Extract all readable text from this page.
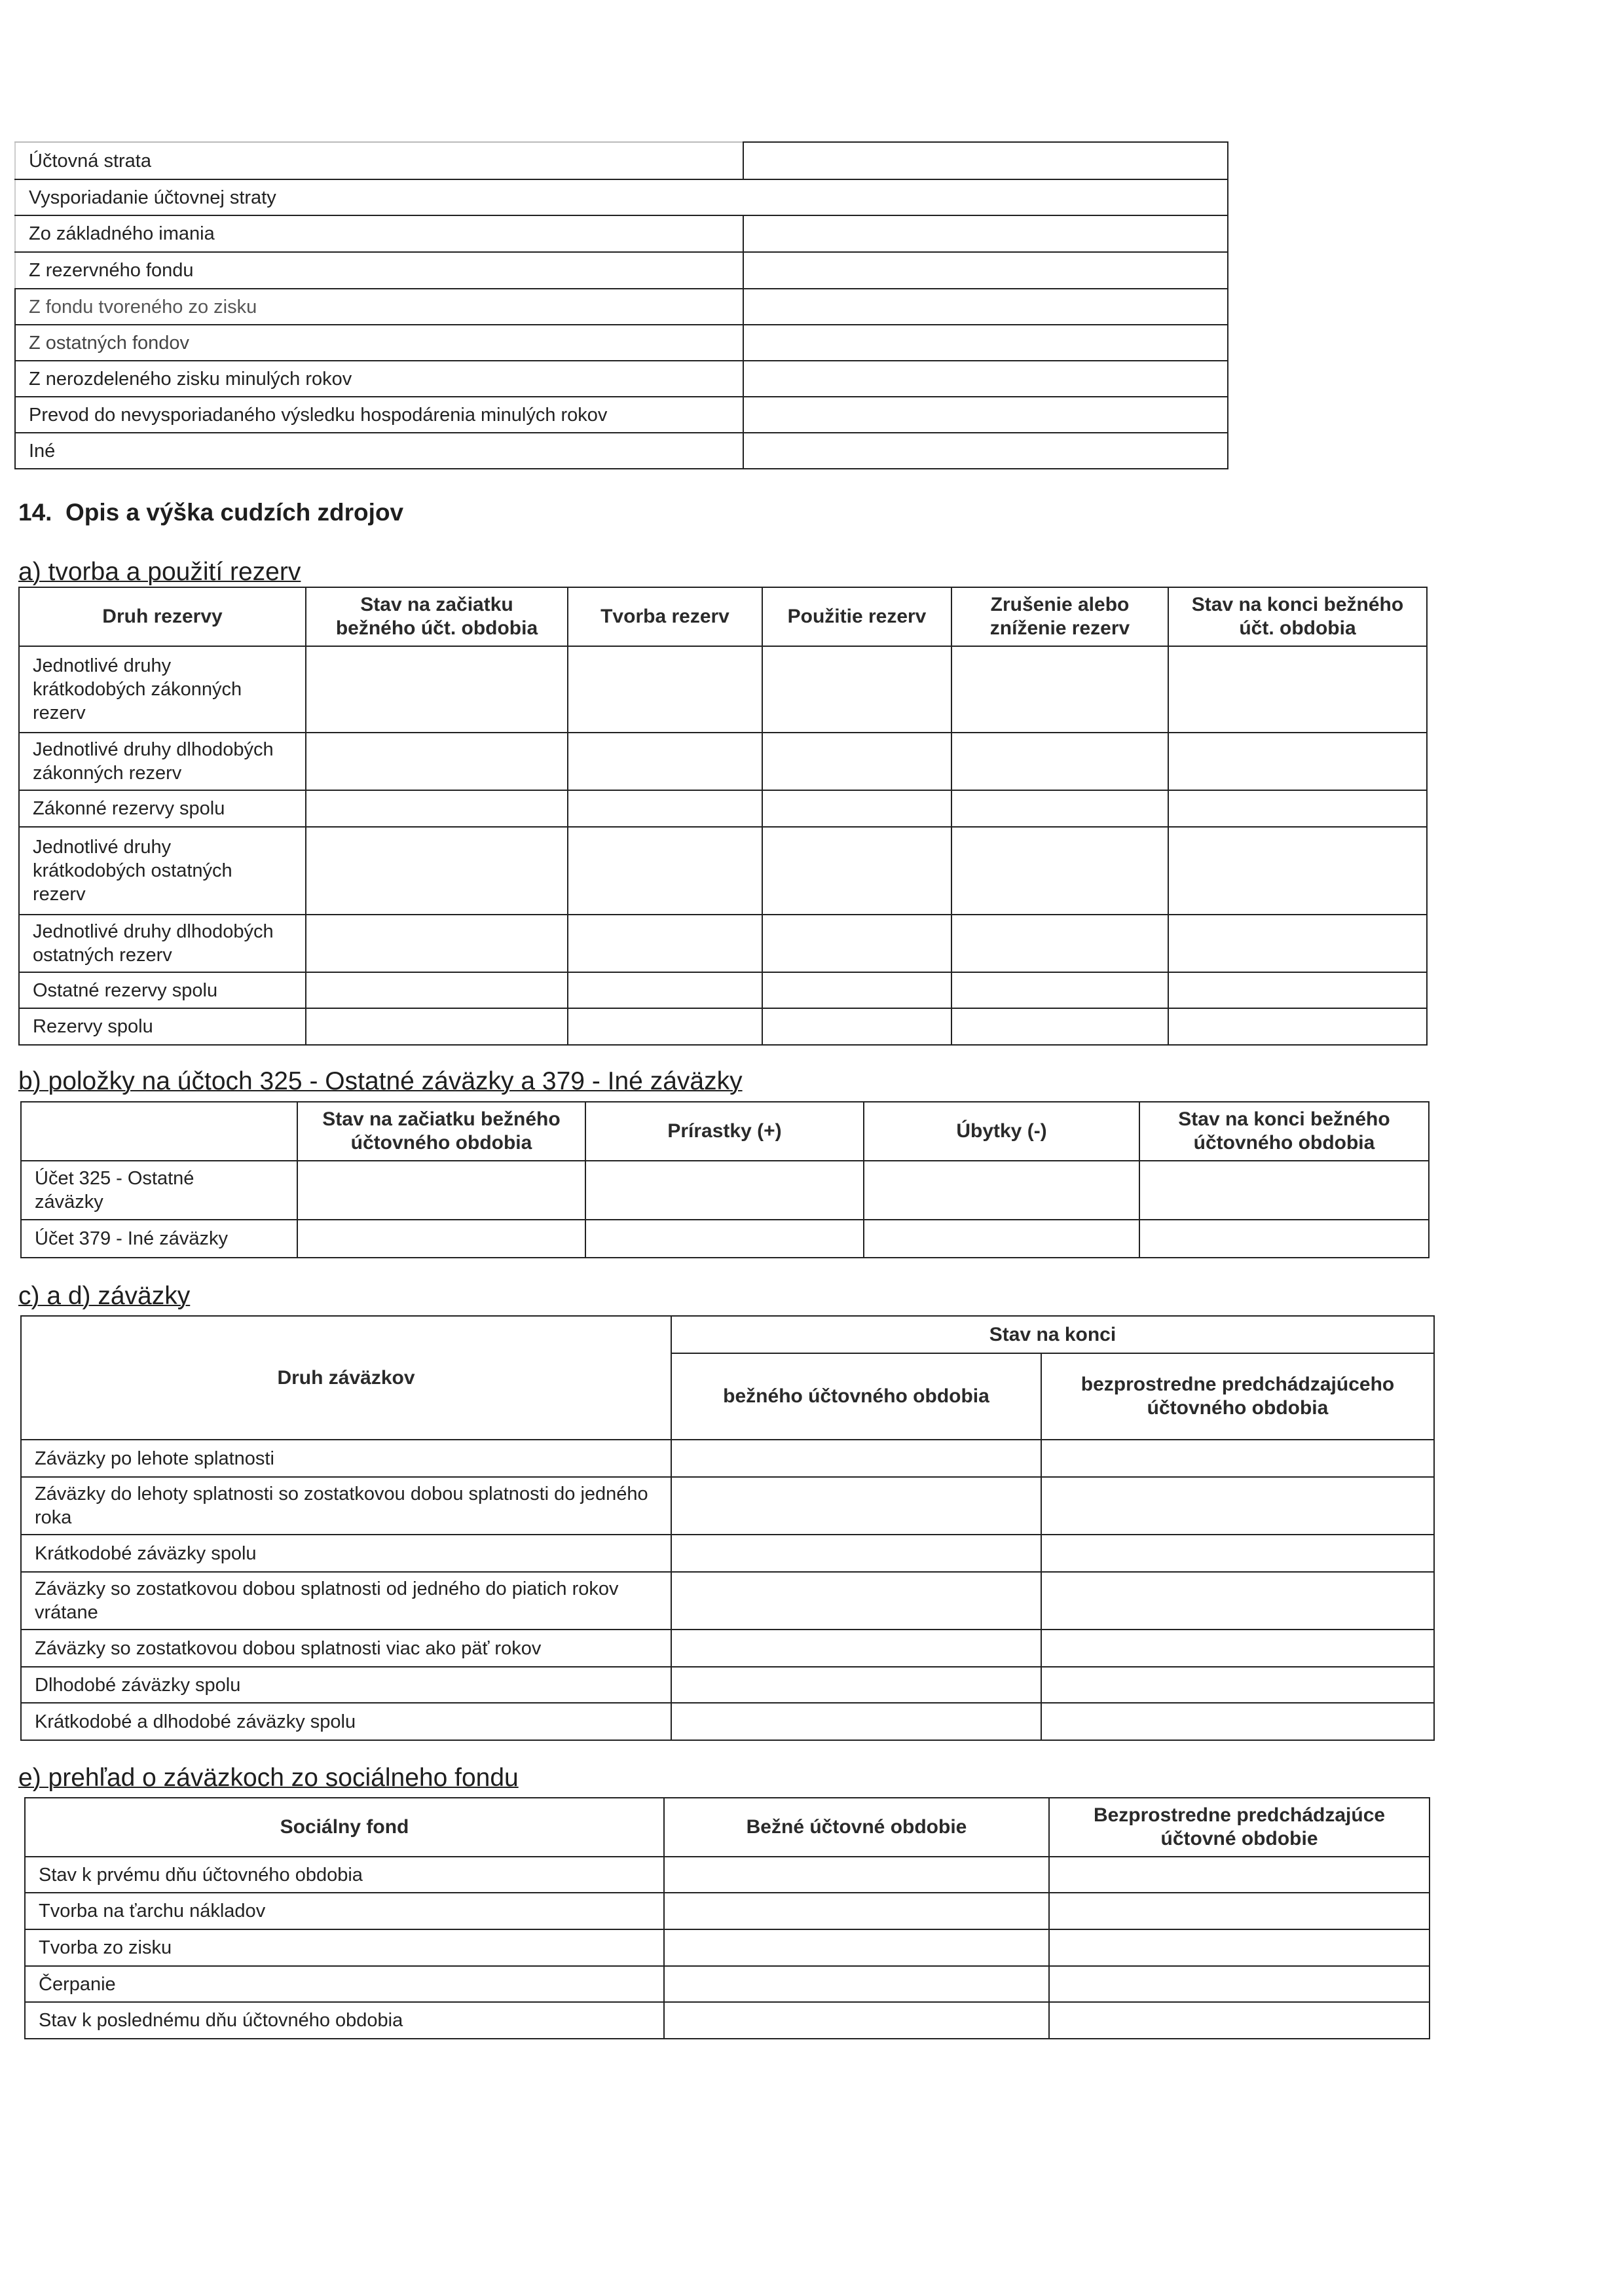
Účtovná strata	
Vysporiadanie účtovnej straty	
Zo základného imania	
Z rezervného fondu	
Z fondu tvoreného zo zisku	
Z ostatných fondov	
Z nerozdeleného zisku minulých rokov	
Prevod do nevysporiadaného výsledku hospodárenia minulých rokov	
Iné	
14. Opis a výška cudzích zdrojov
a) tvorba a použití rezerv
Druh rezervy	Stav na začiatku bežného účt. obdobia	Tvorba rezerv	Použitie rezerv	Zrušenie alebo zníženie rezerv	Stav na konci bežného účt. obdobia
Jednotlivé druhy krátkodobých zákonných rezerv					
Jednotlivé druhy dlhodobých zákonných rezerv					
Zákonné rezervy spolu					
Jednotlivé druhy krátkodobých ostatných rezerv					
Jednotlivé druhy dlhodobých ostatných rezerv					
Ostatné rezervy spolu					
Rezervy spolu					
b) položky na účtoch 325 - Ostatné záväzky a 379 - Iné záväzky
	Stav na začiatku bežného účtovného obdobia	Prírastky (+)	Úbytky (-)	Stav na konci bežného účtovného obdobia
Účet 325 - Ostatné záväzky				
Účet 379 - Iné záväzky				
c) a d) záväzky
Druh záväzkov	Stav na konci	
	bežného účtovného obdobia	bezprostredne predchádzajúceho účtovného obdobia
Záväzky po lehote splatnosti		
Záväzky do lehoty splatnosti so zostatkovou dobou splatnosti do jedného roka		
Krátkodobé záväzky spolu		
Záväzky so zostatkovou dobou splatnosti od jedného do piatich rokov vrátane		
Záväzky so zostatkovou dobou splatnosti viac ako päť rokov		
Dlhodobé záväzky spolu		
Krátkodobé a dlhodobé záväzky spolu		
e) prehľad o záväzkoch zo sociálneho fondu
Sociálny fond	Bežné účtovné obdobie	Bezprostredne predchádzajúce účtovné obdobie
Stav k prvému dňu účtovného obdobia		
Tvorba na ťarchu nákladov		
Tvorba zo zisku		
Čerpanie		
Stav k poslednému dňu účtovného obdobia		
